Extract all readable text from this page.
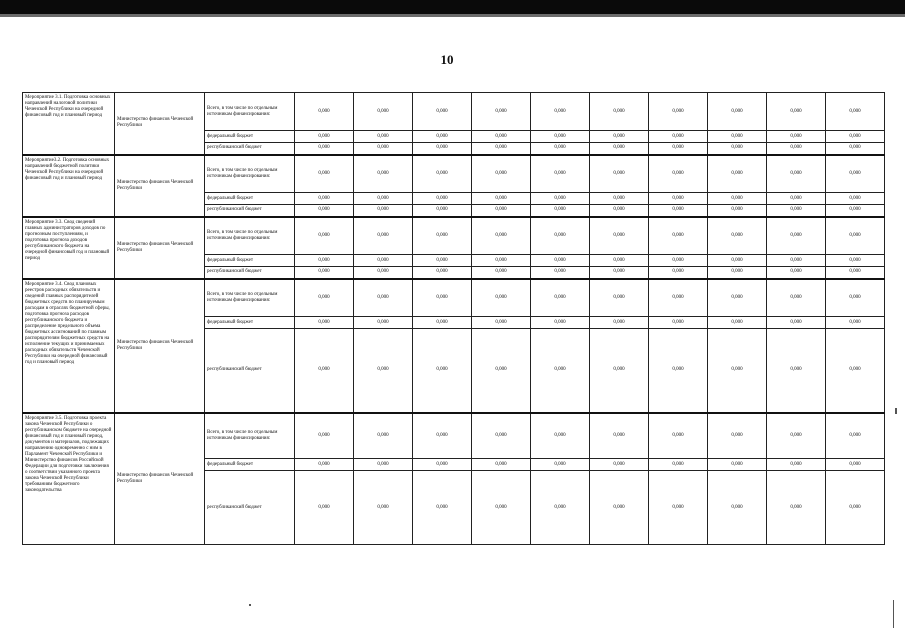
10
Мероприятие 3.1. Подготовка основных направлений налоговой политики Чеченской Республики на очередной финансовый год и плановый период	Министерство финансов Чеченской Республики	Всего, в том числе по отдельным источникам финансирования:	0,000	0,000	0,000	0,000	0,000	0,000	0,000	0,000	0,000	0,000
		федеральный бюджет	0,000	0,000	0,000	0,000	0,000	0,000	0,000	0,000	0,000	0,000
		республиканский бюджет	0,000	0,000	0,000	0,000	0,000	0,000	0,000	0,000	0,000	0,000
Мероприятие3.2. Подготовка основных направлений бюджетной политики Чеченской Республики на очередной финансовый год и плановый период	Министерство финансов Чеченской Республики	Всего, в том числе по отдельным источникам финансирования:	0,000	0,000	0,000	0,000	0,000	0,000	0,000	0,000	0,000	0,000
		федеральный бюджет	0,000	0,000	0,000	0,000	0,000	0,000	0,000	0,000	0,000	0,000
		республиканский бюджет	0,000	0,000	0,000	0,000	0,000	0,000	0,000	0,000	0,000	0,000
Мероприятие 3.3. Свод сведений главных администраторов доходов по прогнозным поступлениям, и подготовка прогноза доходов республиканского бюджета на очередной финансовый год и плановый период	Министерство финансов Чеченской Республики	Всего, в том числе по отдельным источникам финансирования:	0,000	0,000	0,000	0,000	0,000	0,000	0,000	0,000	0,000	0,000
		федеральный бюджет	0,000	0,000	0,000	0,000	0,000	0,000	0,000	0,000	0,000	0,000
		республиканский бюджет	0,000	0,000	0,000	0,000	0,000	0,000	0,000	0,000	0,000	0,000
Мероприятие 3.4. Свод плановых реестров расходных обязательств и сведений главных распорядителей бюджетных средств по планируемым расходам в отраслях бюджетной сферы, подготовка прогноза расходов республиканского бюджета и распределение предельного объема бюджетных ассигнований по главным распорядителям бюджетных средств на исполнение текущих и принимаемых расходных обязательств Чеченской Республики на очередной финансовый год и плановый период	Министерство финансов Чеченской Республики	Всего, в том числе по отдельным источникам финансирования:	0,000	0,000	0,000	0,000	0,000	0,000	0,000	0,000	0,000	0,000
		федеральный бюджет	0,000	0,000	0,000	0,000	0,000	0,000	0,000	0,000	0,000	0,000
		республиканский бюджет	0,000	0,000	0,000	0,000	0,000	0,000	0,000	0,000	0,000	0,000
Мероприятие 3.5. Подготовка проекта закона Чеченской Республики о республиканском бюджете на очередной финансовый год и плановый период, документов и материалов, подлежащих направлению одновременно с ним в Парламент Чеченской Республики и Министерство финансов Российской Федерации для подготовки заключения о соответствии указанного проекта закона Чеченской Республики требованиям бюджетного законодательства	Министерство финансов Чеченской Республики	Всего, в том числе по отдельным источникам финансирования:	0,000	0,000	0,000	0,000	0,000	0,000	0,000	0,000	0,000	0,000
		федеральный бюджет	0,000	0,000	0,000	0,000	0,000	0,000	0,000	0,000	0,000	0,000
		республиканский бюджет	0,000	0,000	0,000	0,000	0,000	0,000	0,000	0,000	0,000	0,000
